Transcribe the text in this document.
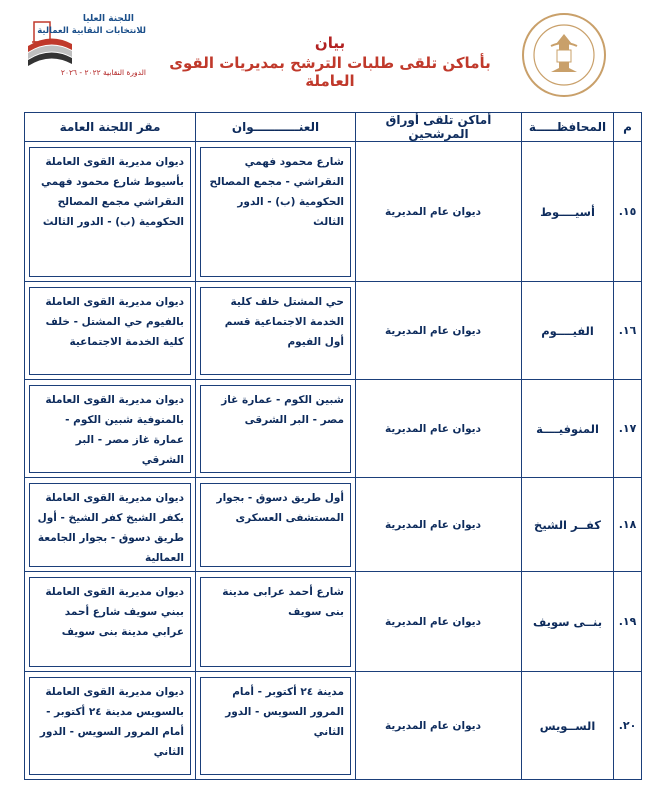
بيان
بأماكن تلقى طلبات الترشح بمديريات القوى العاملة
اللجنة العليا
للانتخابات النقابية العمالية
الدورة النقابية ٢٠٢٢ - ٢٠٢٦
م	المحافظـــــة	أماكن تلقى أوراق المرشحين	العنـــــــــــوان	مقر اللجنة العامة
١٥.	أسيــــوط	ديوان عام المديرية	شارع محمود فهمي النقراشي - مجمع المصالح الحكومية (ب) - الدور الثالث	ديوان مديرية القوى العاملة بأسيوط شارع محمود فهمي النقراشي مجمع المصالح الحكومية (ب) - الدور الثالث

١٦.	الفيــــوم	ديوان عام المديرية	حي المشتل خلف كلية الخدمة الاجتماعية قسم أول الفيوم	ديوان مديرية القوى العاملة بالفيوم حي المشتل - خلف كلية الخدمة الاجتماعية

١٧.	المنوفيــــة	ديوان عام المديرية	شبين الكوم - عمارة غاز مصر - البر الشرقى	ديوان مديرية القوى العاملة بالمنوفية شبين الكوم - عمارة غاز مصر - البر الشرقي

١٨.	كفــر الشيخ	ديوان عام المديرية	أول طريق دسوق - بجوار المستشفى العسكرى	ديوان مديرية القوى العاملة بكفر الشيخ كفر الشيخ - أول طريق دسوق - بجوار الجامعة العمالية

١٩.	بنــى سويف	ديوان عام المديرية	شارع أحمد عرابى مدينة بنى سويف	ديوان مديرية القوى العاملة ببني سويف شارع أحمد عرابي مدينة بنى سويف

٢٠.	الســويس	ديوان عام المديرية	مدينة ٢٤ أكتوبر - أمام المرور السويس - الدور الثاني	ديوان مديرية القوى العاملة بالسويس مدينة ٢٤ أكتوبر - أمام المرور السويس - الدور الثاني
